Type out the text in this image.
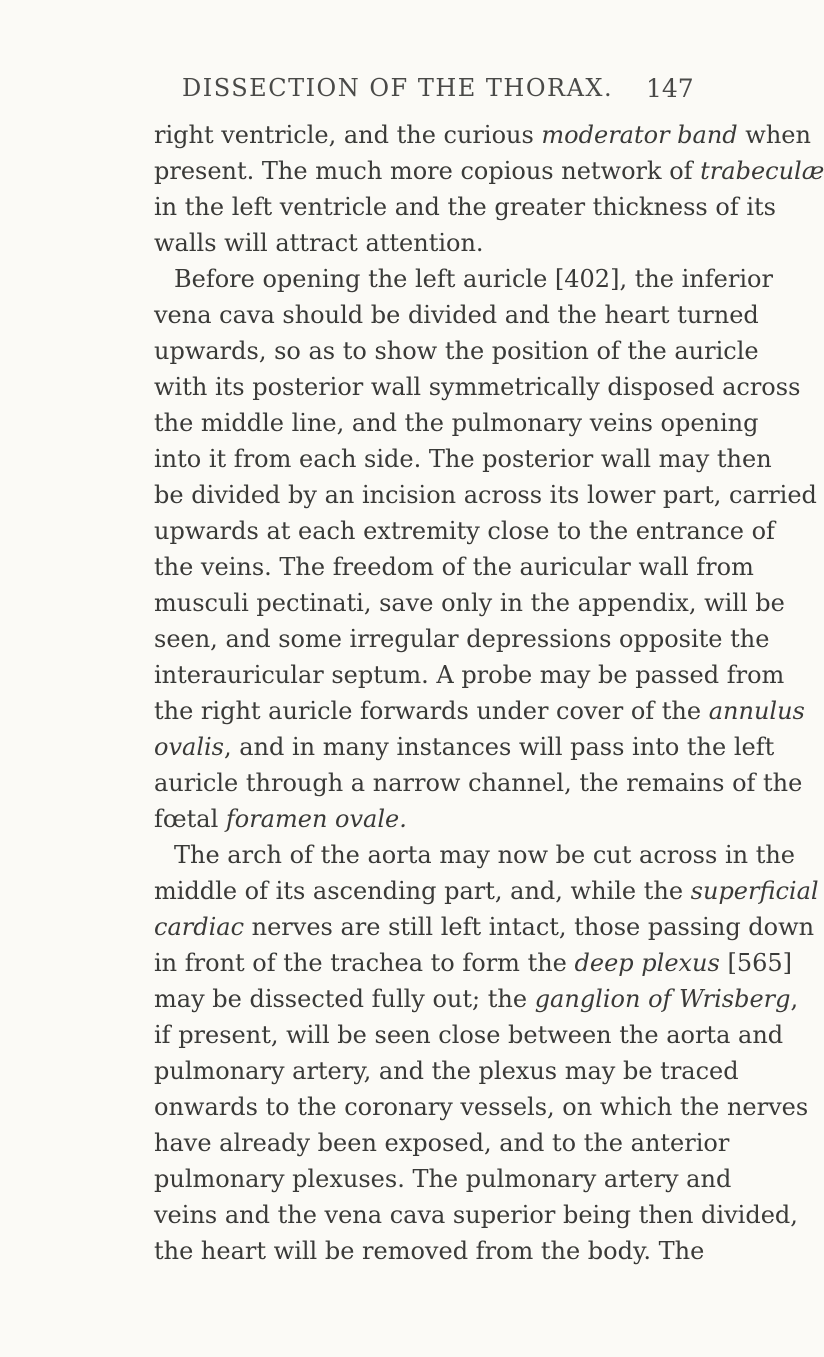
DISSECTION OF THE THORAX. 147
right ventricle, and the curious moderator band when
present. The much more copious network of trabeculæ
in the left ventricle and the greater thickness of its
walls will attract attention.
Before opening the left auricle [402], the inferior
vena cava should be divided and the heart turned
upwards, so as to show the position of the auricle
with its posterior wall symmetrically disposed across
the middle line, and the pulmonary veins opening
into it from each side. The posterior wall may then
be divided by an incision across its lower part, carried
upwards at each extremity close to the entrance of
the veins. The freedom of the auricular wall from
musculi pectinati, save only in the appendix, will be
seen, and some irregular depressions opposite the
interauricular septum. A probe may be passed from
the right auricle forwards under cover of the annulus
ovalis, and in many instances will pass into the left
auricle through a narrow channel, the remains of the
fœtal foramen ovale.
The arch of the aorta may now be cut across in the
middle of its ascending part, and, while the superficial
cardiac nerves are still left intact, those passing down
in front of the trachea to form the deep plexus [565]
may be dissected fully out; the ganglion of Wrisberg,
if present, will be seen close between the aorta and
pulmonary artery, and the plexus may be traced
onwards to the coronary vessels, on which the nerves
have already been exposed, and to the anterior
pulmonary plexuses. The pulmonary artery and
veins and the vena cava superior being then divided,
the heart will be removed from the body. The
